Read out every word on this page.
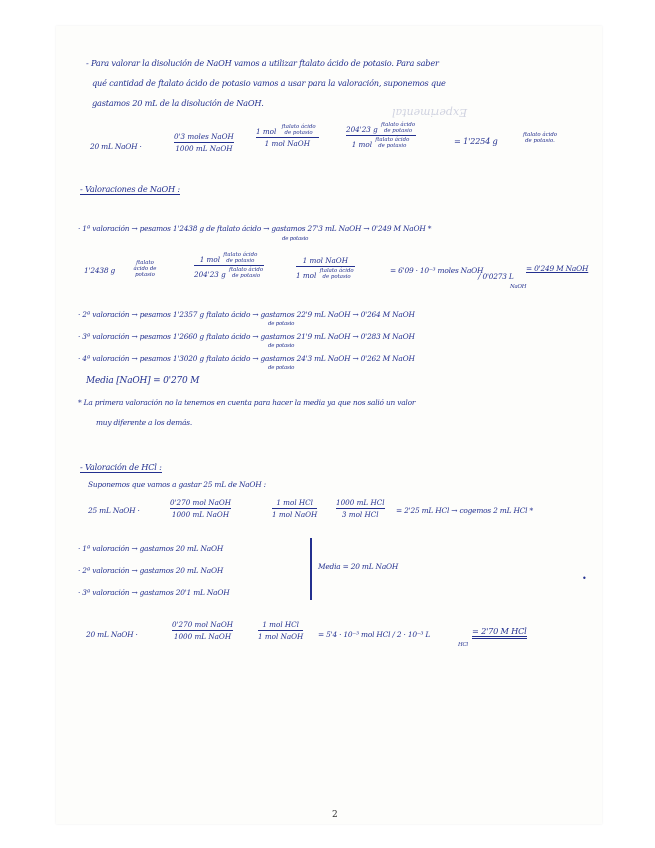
Experimental
- Para valorar la disolución de NaOH vamos a utilizar ftalato ácido de potasio. Para saber
qué cantidad de ftalato ácido de potasio vamos a usar para la valoración, suponemos que
gastamos 20 mL de la disolución de NaOH.
20 mL NaOH ·
0'3 moles NaOH
1000 mL NaOH
1 mol ftalato ácido de potasio
1 mol NaOH
204'23 g ftalato ácido de potasio
1 mol ftalato ácido de potasio	= 1'2254 g
ftalato ácido de potasio.
- Valoraciones de NaOH :
· 1ª valoración → pesamos 1'2438 g de ftalato ácido → gastamos 27'3 mL NaOH → 0'249 M NaOH *
de potasio
1'2438 g
ftalato ácido de potasio
1 mol ftalato ácido de potasio
204'23 g ftalato ácido de potasio
1 mol NaOH
1 mol ftalato ácido de potasio
= 6'09 · 10⁻³ moles NaOH
/ 0'0273 L
NaOH
= 0'249 M NaOH
· 2ª valoración → pesamos 1'2357 g ftalato ácido → gastamos 22'9 mL NaOH → 0'264 M NaOH
de potasio
· 3ª valoración → pesamos 1'2660 g ftalato ácido → gastamos 21'9 mL NaOH → 0'283 M NaOH
de potasio
· 4ª valoración → pesamos 1'3020 g ftalato ácido → gastamos 24'3 mL NaOH → 0'262 M NaOH
de potasio
Media [NaOH] = 0'270 M
* La primera valoración no la tenemos en cuenta para hacer la media ya que nos salió un valor
muy diferente a los demás.
- Valoración de HCl :
Suponemos que vamos a gastar 25 mL de NaOH :
25 mL NaOH ·
0'270 mol NaOH
1000 mL NaOH
1 mol HCl
1 mol NaOH
1000 mL HCl
3 mol HCl = 2'25 mL HCl → cogemos 2 mL HCl *
· 1ª valoración → gastamos 20 mL NaOH
· 2ª valoración → gastamos 20 mL NaOH
· 3ª valoración → gastamos 20'1 mL NaOH
Media = 20 mL NaOH
•
20 mL NaOH ·
0'270 mol NaOH
1000 mL NaOH
1 mol HCl
1 mol NaOH = 5'4 · 10⁻³ mol HCl / 2 · 10⁻³ L
HCl
= 2'70 M HCl
2
